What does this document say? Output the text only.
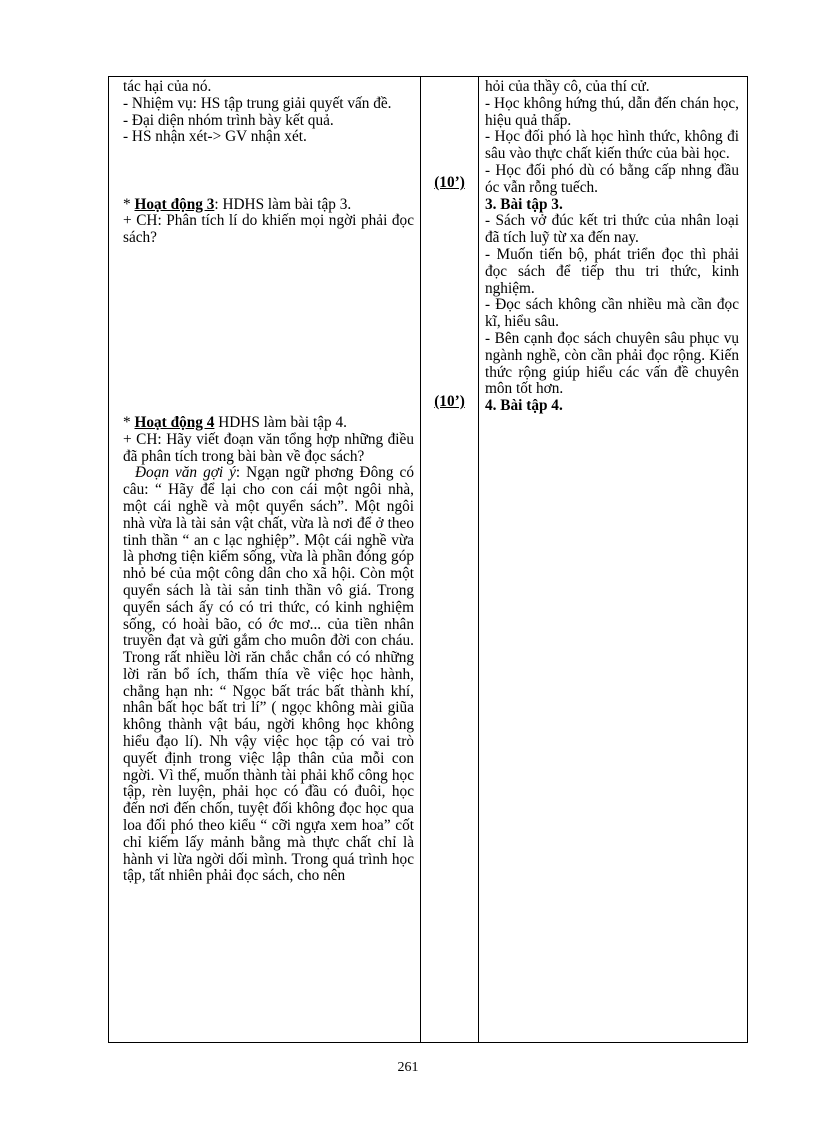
tác hại của nó.

- Nhiệm vụ: HS tập trung giải quyết vấn đề.

- Đại diện nhóm trình bày kết quả.

- HS nhận xét-> GV nhận xét.

* Hoạt động 3: HDHS làm bài tập 3.

+ CH: Phân tích lí do khiến mọi ngời phải đọc sách?

* Hoạt động 4 HDHS làm bài tập 4.

+ CH: Hãy viết đoạn văn tổng hợp những điều đã phân tích trong bài bàn về đọc sách?

Đoạn văn gợi ý: Ngạn ngữ phơng Đông có câu: “ Hãy để lại cho con cái một ngôi nhà, một cái nghề và một quyển sách”. Một ngôi nhà vừa là tài sản vật chất, vừa là nơi để ở theo tinh thần “ an c lạc nghiệp”. Một cái nghề vừa là phơng tiện kiếm sống, vừa là phần đóng góp nhỏ bé của một công dân cho xã hội. Còn một quyển sách là tài sản tinh thần vô giá. Trong quyển sách ấy có có tri thức, có kinh nghiệm sống, có hoài bão, có ớc mơ... của tiền nhân truyền đạt và gửi gắm cho muôn đời con cháu. Trong rất nhiều lời răn chắc chắn có có những lời răn bổ ích, thấm thía về việc học hành, chẳng hạn nh: “ Ngọc bất trác bất thành khí, nhân bất học bất tri lí” ( ngọc không mài giũa không thành vật báu, ngời không học không hiểu đạo lí). Nh vậy việc học tập có vai trò quyết định trong việc lập thân của mỗi con ngời. Vì thế, muốn thành tài phải khổ công học tập, rèn luyện, phải học có đầu có đuôi, học đến nơi đến chốn, tuyệt đối không đọc học qua loa đối phó theo kiểu “ cỡi ngựa xem hoa” cốt chỉ kiếm lấy mảnh bằng mà thực chất chỉ là hành vi lừa ngời dối mình. Trong quá trình học tập, tất nhiên phải đọc sách, cho nên

(10’)
(10’)

hỏi của thầy cô, của thí cử.

- Học không hứng thú, dẫn đến chán học, hiệu quả thấp.

- Học đối phó là học hình thức, không đi sâu vào thực chất kiến thức của bài học.

- Học đối phó dù có bằng cấp nhng đầu óc vẫn rỗng tuếch.

3. Bài tập 3.

- Sách vở đúc kết tri thức của nhân loại đã tích luỹ từ xa đến nay.

- Muốn tiến bộ, phát triển đọc thì phải đọc sách để tiếp thu tri thức, kinh nghiệm.

- Đọc sách không cần nhiều mà cần đọc kĩ, hiểu sâu.

- Bên cạnh đọc sách chuyên sâu phục vụ ngành nghề, còn cần phải đọc rộng. Kiến thức rộng giúp hiểu các vấn đề chuyên môn tốt hơn.

4. Bài tập 4.

261
